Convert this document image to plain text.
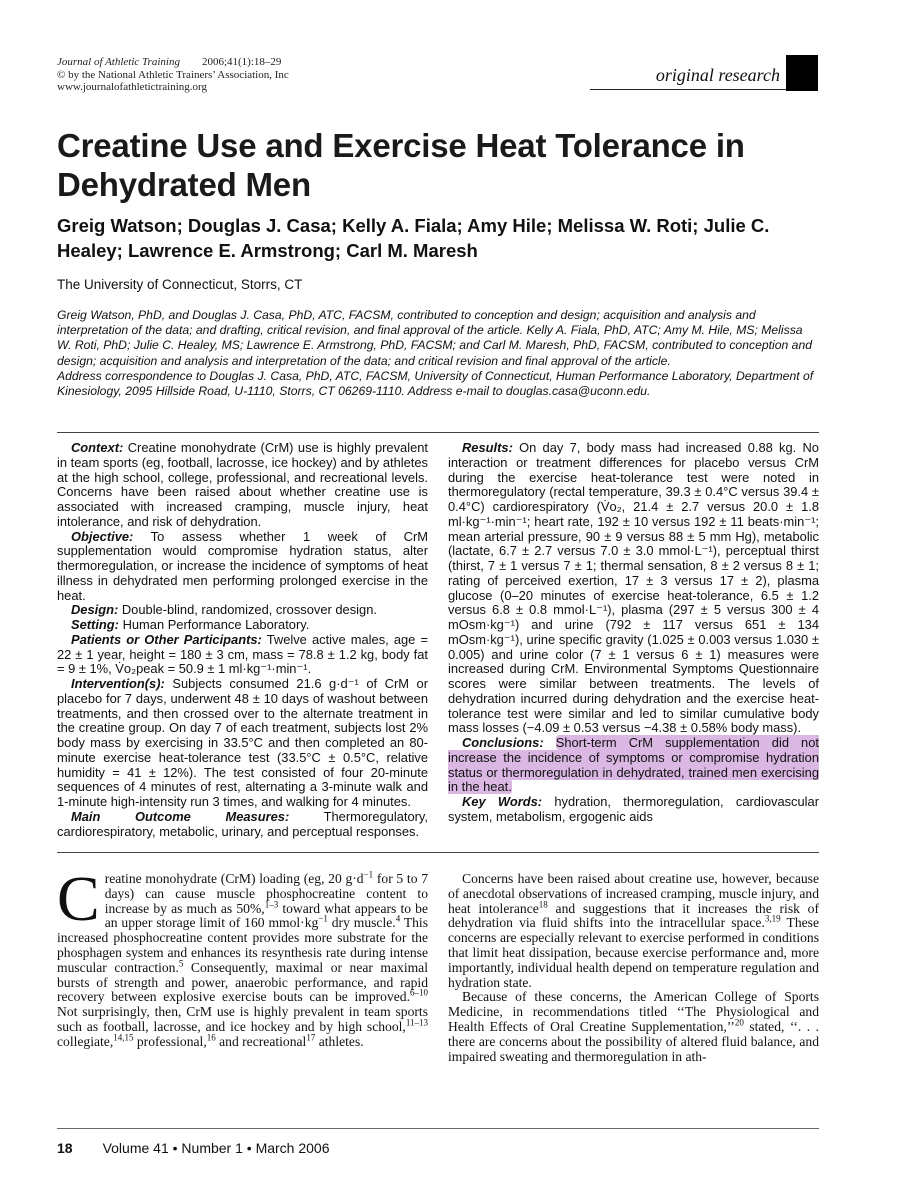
Journal of Athletic Training 2006;41(1):18–29
© by the National Athletic Trainers’ Association, Inc
www.journalofathletictraining.org
original research
Creatine Use and Exercise Heat Tolerance in Dehydrated Men
Greig Watson; Douglas J. Casa; Kelly A. Fiala; Amy Hile; Melissa W. Roti; Julie C. Healey; Lawrence E. Armstrong; Carl M. Maresh
The University of Connecticut, Storrs, CT

Greig Watson, PhD, and Douglas J. Casa, PhD, ATC, FACSM, contributed to conception and design; acquisition and analysis and interpretation of the data; and drafting, critical revision, and final approval of the article. Kelly A. Fiala, PhD, ATC; Amy M. Hile, MS; Melissa W. Roti, PhD; Julie C. Healey, MS; Lawrence E. Armstrong, PhD, FACSM; and Carl M. Maresh, PhD, FACSM, contributed to conception and design; acquisition and analysis and interpretation of the data; and critical revision and final approval of the article.

Address correspondence to Douglas J. Casa, PhD, ATC, FACSM, University of Connecticut, Human Performance Laboratory, Department of Kinesiology, 2095 Hillside Road, U-1110, Storrs, CT 06269-1110. Address e-mail to douglas.casa@uconn.edu.

Context: Creatine monohydrate (CrM) use is highly prevalent in team sports (eg, football, lacrosse, ice hockey) and by athletes at the high school, college, professional, and recreational levels. Concerns have been raised about whether creatine use is associated with increased cramping, muscle injury, heat intolerance, and risk of dehydration.

Objective: To assess whether 1 week of CrM supplementation would compromise hydration status, alter thermoregulation, or increase the incidence of symptoms of heat illness in dehydrated men performing prolonged exercise in the heat.

Design: Double-blind, randomized, crossover design.

Setting: Human Performance Laboratory.

Patients or Other Participants: Twelve active males, age = 22 ± 1 year, height = 180 ± 3 cm, mass = 78.8 ± 1.2 kg, body fat = 9 ± 1%, V̇o₂peak = 50.9 ± 1 ml·kg⁻¹·min⁻¹.

Intervention(s): Subjects consumed 21.6 g·d⁻¹ of CrM or placebo for 7 days, underwent 48 ± 10 days of washout between treatments, and then crossed over to the alternate treatment in the creatine group. On day 7 of each treatment, subjects lost 2% body mass by exercising in 33.5°C and then completed an 80-minute exercise heat-tolerance test (33.5°C ± 0.5°C, relative humidity = 41 ± 12%). The test consisted of four 20-minute sequences of 4 minutes of rest, alternating a 3-minute walk and 1-minute high-intensity run 3 times, and walking for 4 minutes.

Main Outcome Measures:	Thermoregulatory, cardiorespiratory, metabolic, urinary, and perceptual responses.

Results: On day 7, body mass had increased 0.88 kg. No interaction or treatment differences for placebo versus CrM during the exercise heat-tolerance test were noted in thermoregulatory (rectal temperature, 39.3 ± 0.4°C versus 39.4 ± 0.4°C) cardiorespiratory (V̇o₂, 21.4 ± 2.7 versus 20.0 ± 1.8 ml·kg⁻¹·min⁻¹; heart rate, 192 ± 10 versus 192 ± 11 beats·min⁻¹; mean arterial pressure, 90 ± 9 versus 88 ± 5 mm Hg), metabolic (lactate, 6.7 ± 2.7 versus 7.0 ± 3.0 mmol·L⁻¹), perceptual thirst (thirst, 7 ± 1 versus 7 ± 1; thermal sensation, 8 ± 2 versus 8 ± 1; rating of perceived exertion, 17 ± 3 versus 17 ± 2), plasma glucose (0–20 minutes of exercise heat-tolerance, 6.5 ± 1.2 versus 6.8 ± 0.8 mmol·L⁻¹), plasma (297 ± 5 versus 300 ± 4 mOsm·kg⁻¹) and urine (792 ± 117 versus 651 ± 134 mOsm·kg⁻¹), urine specific gravity (1.025 ± 0.003 versus 1.030 ± 0.005) and urine color (7 ± 1 versus 6 ± 1) measures were increased during CrM. Environmental Symptoms Questionnaire scores were similar between treatments. The levels of dehydration incurred during dehydration and the exercise heat-tolerance test were similar and led to similar cumulative body mass losses (−4.09 ± 0.53 versus −4.38 ± 0.58% body mass).

Conclusions: Short-term CrM supplementation did not increase the incidence of symptoms or compromise hydration status or thermoregulation in dehydrated, trained men exercising in the heat.

Key Words: hydration, thermoregulation, cardiovascular system, metabolism, ergogenic aids

Creatine monohydrate (CrM) loading (eg, 20 $g\cdot d^{-1}$ for 5 to 7 days) can cause muscle phosphocreatine content to increase by as much as 50%,$^{1-3}$ toward what appears to be an upper storage limit of 160 $mmol\cdot kg^{-1}$ dry muscle.$^4$ This increased phosphocreatine content provides more substrate for the phosphagen system and enhances its resynthesis rate during intense muscular contraction.$^5$ Consequently, maximal or near maximal bursts of strength and power, anaerobic performance, and rapid recovery between explosive exercise bouts can be improved.$^{6-10}$ Not surprisingly, then, CrM use is highly prevalent in team sports such as football, lacrosse, and ice hockey and by high school,$^{11-13}$ collegiate,$^{14,15}$ professional,$^{16}$ and recreational$^{17}$ athletes.

Concerns have been raised about creatine use, however, because of anecdotal observations of increased cramping, muscle injury, and heat intolerance$^{18}$ and suggestions that it increases the risk of dehydration via fluid shifts into the intracellular space.$^{3,19}$ These concerns are especially relevant to exercise performed in conditions that limit heat dissipation, because exercise performance and, more importantly, individual health depend on temperature regulation and hydration state.

Because of these concerns, the American College of Sports Medicine, in recommendations titled ‘‘The Physiological and Health Effects of Oral Creatine Supplementation,’’$^{20}$ stated, ‘‘. . . there are concerns about the possibility of altered fluid balance, and impaired sweating and thermoregulation in ath-

18 Volume 41 • Number 1 • March 2006
